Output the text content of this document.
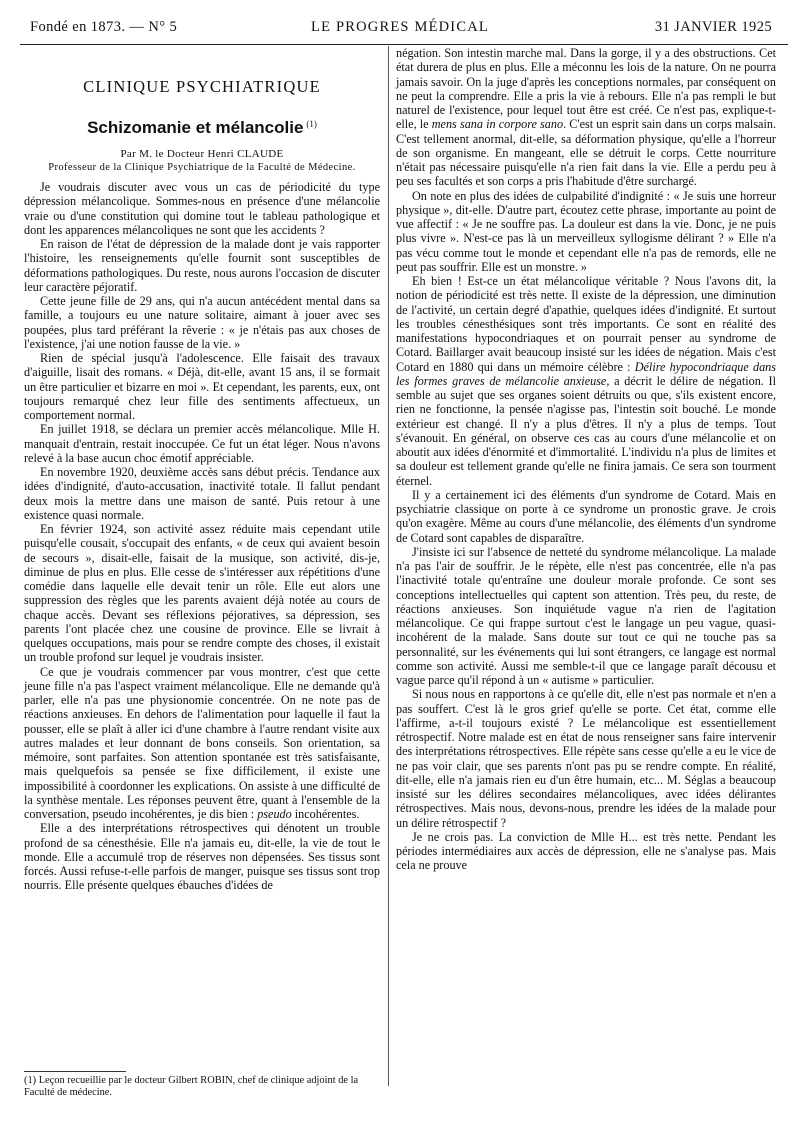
Fondé en 1873. — N° 5	LE PROGRES MÉDICAL	31 JANVIER 1925
CLINIQUE PSYCHIATRIQUE
Schizomanie et mélancolie $^{(1)}$
Par M. le Docteur Henri CLAUDE
Professeur de la Clinique Psychiatrique de la Faculté de Médecine.

Je voudrais discuter avec vous un cas de périodicité du type dépression mélancolique. Sommes-nous en présence d'une mélancolie vraie ou d'une constitution qui domine tout le tableau pathologique et dont les apparences mélancoliques ne sont que les accidents ?

En raison de l'état de dépression de la malade dont je vais rapporter l'histoire, les renseignements qu'elle fournit sont susceptibles de déformations pathologiques. Du reste, nous aurons l'occasion de discuter leur caractère péjoratif.

Cette jeune fille de 29 ans, qui n'a aucun antécédent mental dans sa famille, a toujours eu une nature solitaire, aimant à jouer avec ses poupées, plus tard préférant la rêverie : « je n'étais pas aux choses de l'existence, j'ai une notion fausse de la vie. »

Rien de spécial jusqu'à l'adolescence. Elle faisait des travaux d'aiguille, lisait des romans. « Déjà, dit-elle, avant 15 ans, il se formait un être particulier et bizarre en moi ». Et cependant, les parents, eux, ont toujours remarqué chez leur fille des sentiments affectueux, un comportement normal.

En juillet 1918, se déclara un premier accès mélancolique. Mlle H. manquait d'entrain, restait inoccupée. Ce fut un état léger. Nous n'avons relevé à la base aucun choc émotif appréciable.

En novembre 1920, deuxième accès sans début précis. Tendance aux idées d'indignité, d'auto-accusation, inactivité totale. Il fallut pendant deux mois la mettre dans une maison de santé. Puis retour à une existence quasi normale.

En février 1924, son activité assez réduite mais cependant utile puisqu'elle cousait, s'occupait des enfants, « de ceux qui avaient besoin de secours », disait-elle, faisait de la musique, son activité, dis-je, diminue de plus en plus. Elle cesse de s'intéresser aux répétitions d'une comédie dans laquelle elle devait tenir un rôle. Elle eut alors une suppression des règles que les parents avaient déjà notée au cours de chaque accès. Devant ses réflexions péjoratives, sa dépression, ses parents l'ont placée chez une cousine de province. Elle se livrait à quelques occupations, mais pour se rendre compte des choses, il existait un trouble profond sur lequel je voudrais insister.

Ce que je voudrais commencer par vous montrer, c'est que cette jeune fille n'a pas l'aspect vraiment mélancolique. Elle ne demande qu'à parler, elle n'a pas une physionomie concentrée. On ne note pas de réactions anxieuses. En dehors de l'alimentation pour laquelle il faut la pousser, elle se plaît à aller ici d'une chambre à l'autre rendant visite aux autres malades et leur donnant de bons conseils. Son orientation, sa mémoire, sont parfaites. Son attention spontanée est très satisfaisante, mais quelquefois sa pensée se fixe difficilement, il existe une impossibilité à coordonner les explications. On assiste à une difficulté de la synthèse mentale. Les réponses peuvent être, quant à l'ensemble de la conversation, pseudo incohérentes, je dis bien : pseudo incohérentes.

Elle a des interprétations rétrospectives qui dénotent un trouble profond de sa cénesthésie. Elle n'a jamais eu, dit-elle, la vie de tout le monde. Elle a accumulé trop de réserves non dépensées. Ses tissus sont forcés. Aussi refuse-t-elle parfois de manger, puisque ses tissus sont trop nourris. Elle présente quelques ébauches d'idées de

négation. Son intestin marche mal. Dans la gorge, il y a des obstructions. Cet état durera de plus en plus. Elle a méconnu les lois de la nature. On ne pourra jamais savoir. On la juge d'après les conceptions normales, par conséquent on ne peut la comprendre. Elle a pris la vie à rebours. Elle n'a pas rempli le but naturel de l'existence, pour lequel tout être est créé. Ce n'est pas, explique-t-elle, le mens sana in corpore sano. C'est un esprit sain dans un corps malsain. C'est tellement anormal, dit-elle, sa déformation physique, qu'elle a l'horreur de son organisme. En mangeant, elle se détruit le corps. Cette nourriture n'était pas nécessaire puisqu'elle n'a rien fait dans la vie. Elle a perdu peu à peu ses facultés et son corps a pris l'habitude d'être surchargé.

On note en plus des idées de culpabilité d'indignité : « Je suis une horreur physique », dit-elle. D'autre part, écoutez cette phrase, importante au point de vue affectif : « Je ne souffre pas. La douleur est dans la vie. Donc, je ne puis plus vivre ». N'est-ce pas là un merveilleux syllogisme délirant ? » Elle n'a pas vécu comme tout le monde et cependant elle n'a pas de remords, elle ne peut pas souffrir. Elle est un monstre. »

Eh bien ! Est-ce un état mélancolique véritable ? Nous l'avons dit, la notion de périodicité est très nette. Il existe de la dépression, une diminution de l'activité, un certain degré d'apathie, quelques idées d'indignité. Et surtout les troubles cénesthésiques sont très importants. Ce sont en réalité des manifestations hypocondriaques et on pourrait penser au syndrome de Cotard. Baillarger avait beaucoup insisté sur les idées de négation. Mais c'est Cotard en 1880 qui dans un mémoire célèbre : Délire hypocondriaque dans les formes graves de mélancolie anxieuse, a décrit le délire de négation. Il semble au sujet que ses organes soient détruits ou que, s'ils existent encore, rien ne fonctionne, la pensée n'agisse pas, l'intestin soit bouché. Le monde extérieur est changé. Il n'y a plus d'êtres. Il n'y a plus de temps. Tout s'évanouit. En général, on observe ces cas au cours d'une mélancolie et on aboutit aux idées d'énormité et d'immortalité. L'individu n'a plus de limites et sa douleur est tellement grande qu'elle ne finira jamais. Ce sera son tourment éternel.

Il y a certainement ici des éléments d'un syndrome de Cotard. Mais en psychiatrie classique on porte à ce syndrome un pronostic grave. Je crois qu'on exagère. Même au cours d'une mélancolie, des éléments d'un syndrome de Cotard sont capables de disparaître.

J'insiste ici sur l'absence de netteté du syndrome mélancolique. La malade n'a pas l'air de souffrir. Je le répète, elle n'est pas concentrée, elle n'a pas l'inactivité totale qu'entraîne une douleur morale profonde. Ce sont ses conceptions intellectuelles qui captent son attention. Très peu, du reste, de réactions anxieuses. Son inquiétude vague n'a rien de l'agitation mélancolique. Ce qui frappe surtout c'est le langage un peu vague, quasi-incohérent de la malade. Sans doute sur tout ce qui ne touche pas sa personnalité, sur les événements qui lui sont étrangers, ce langage est normal comme son activité. Aussi me semble-t-il que ce langage paraît décousu et vague parce qu'il répond à un « autisme » particulier.

Si nous nous en rapportons à ce qu'elle dit, elle n'est pas normale et n'en a pas souffert. C'est là le gros grief qu'elle se porte. Cet état, comme elle l'affirme, a-t-il toujours existé ? Le mélancolique est essentiellement rétrospectif. Notre malade est en état de nous renseigner sans faire intervenir des interprétations rétrospectives. Elle répète sans cesse qu'elle a eu le vice de ne pas voir clair, que ses parents n'ont pas pu se rendre compte. En réalité, dit-elle, elle n'a jamais rien eu d'un être humain, etc... M. Séglas a beaucoup insisté sur les délires secondaires mélancoliques, avec idées délirantes rétrospectives. Mais nous, devons-nous, prendre les idées de la malade pour un délire rétrospectif ?

Je ne crois pas. La conviction de Mlle H... est très nette. Pendant les périodes intermédiaires aux accès de dépression, elle ne s'analyse pas. Mais cela ne prouve

(1) Leçon recueillie par le docteur Gilbert ROBIN, chef de clinique adjoint de la Faculté de médecine.
